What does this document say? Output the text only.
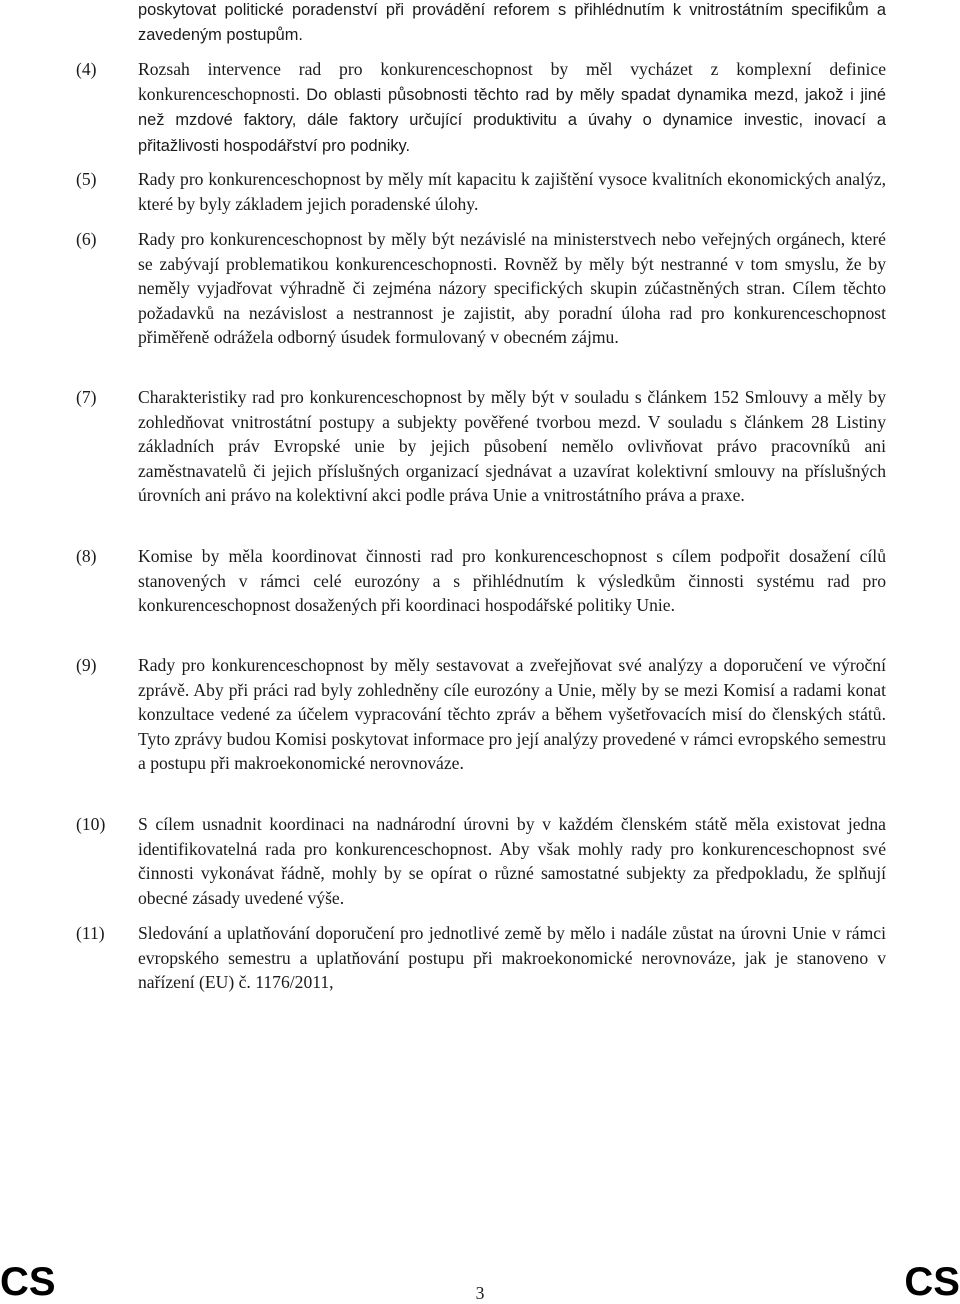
poskytovat politické poradenství při provádění reforem s přihlédnutím k vnitrostátním specifikům a zavedeným postupům.
(4)	Rozsah intervence rad pro konkurenceschopnost by měl vycházet z komplexní definice konkurenceschopnosti. Do oblasti působnosti těchto rad by měly spadat dynamika mezd, jakož i jiné než mzdové faktory, dále faktory určující produktivitu a úvahy o dynamice investic, inovací a přitažlivosti hospodářství pro podniky.
(5)	Rady pro konkurenceschopnost by měly mít kapacitu k zajištění vysoce kvalitních ekonomických analýz, které by byly základem jejich poradenské úlohy.
(6)	Rady pro konkurenceschopnost by měly být nezávislé na ministerstvech nebo veřejných orgánech, které se zabývají problematikou konkurenceschopnosti. Rovněž by měly být nestranné v tom smyslu, že by neměly vyjadřovat výhradně či zejména názory specifických skupin zúčastněných stran. Cílem těchto požadavků na nezávislost a nestrannost je zajistit, aby poradní úloha rad pro konkurenceschopnost přiměřeně odrážela odborný úsudek formulovaný v obecném zájmu.
(7)	Charakteristiky rad pro konkurenceschopnost by měly být v souladu s článkem 152 Smlouvy a měly by zohledňovat vnitrostátní postupy a subjekty pověřené tvorbou mezd. V souladu s článkem 28 Listiny základních práv Evropské unie by jejich působení nemělo ovlivňovat právo pracovníků ani zaměstnavatelů či jejich příslušných organizací sjednávat a uzavírat kolektivní smlouvy na příslušných úrovních ani právo na kolektivní akci podle práva Unie a vnitrostátního práva a praxe.
(8)	Komise by měla koordinovat činnosti rad pro konkurenceschopnost s cílem podpořit dosažení cílů stanovených v rámci celé eurozóny a s přihlédnutím k výsledkům činnosti systému rad pro konkurenceschopnost dosažených při koordinaci hospodářské politiky Unie.
(9)	Rady pro konkurenceschopnost by měly sestavovat a zveřejňovat své analýzy a doporučení ve výroční zprávě. Aby při práci rad byly zohledněny cíle eurozóny a Unie, měly by se mezi Komisí a radami konat konzultace vedené za účelem vypracování těchto zpráv a během vyšetřovacích misí do členských států. Tyto zprávy budou Komisi poskytovat informace pro její analýzy provedené v rámci evropského semestru a postupu při makroekonomické nerovnováze.
(10)	S cílem usnadnit koordinaci na nadnárodní úrovni by v každém členském státě měla existovat jedna identifikovatelná rada pro konkurenceschopnost. Aby však mohly rady pro konkurenceschopnost své činnosti vykonávat řádně, mohly by se opírat o různé samostatné subjekty za předpokladu, že splňují obecné zásady uvedené výše.
(11)	Sledování a uplatňování doporučení pro jednotlivé země by mělo i nadále zůstat na úrovni Unie v rámci evropského semestru a uplatňování postupu při makroekonomické nerovnováze, jak je stanoveno v nařízení (EU) č. 1176/2011,
CS	3	CS
